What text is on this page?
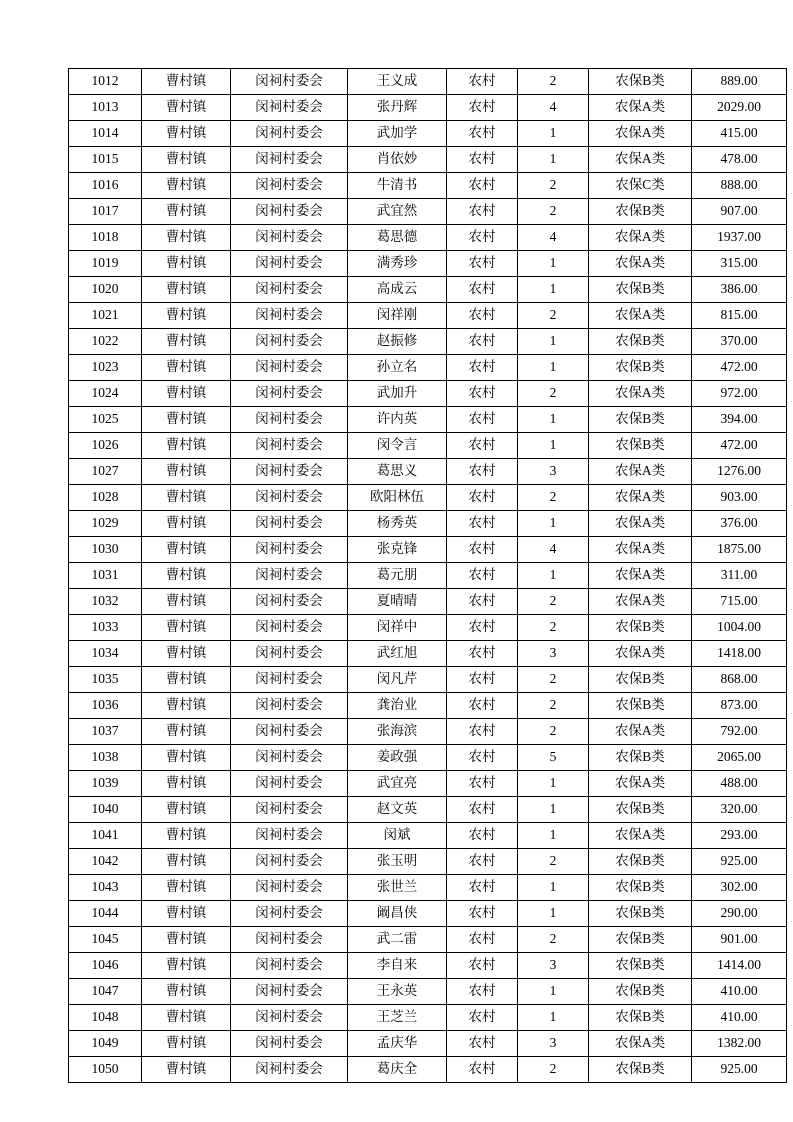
1012	曹村镇	闵祠村委会	王义成	农村	2	农保B类	889.00
1013	曹村镇	闵祠村委会	张丹辉	农村	4	农保A类	2029.00
1014	曹村镇	闵祠村委会	武加学	农村	1	农保A类	415.00
1015	曹村镇	闵祠村委会	肖依妙	农村	1	农保A类	478.00
1016	曹村镇	闵祠村委会	牛清书	农村	2	农保C类	888.00
1017	曹村镇	闵祠村委会	武宜然	农村	2	农保B类	907.00
1018	曹村镇	闵祠村委会	葛思德	农村	4	农保A类	1937.00
1019	曹村镇	闵祠村委会	满秀珍	农村	1	农保A类	315.00
1020	曹村镇	闵祠村委会	高成云	农村	1	农保B类	386.00
1021	曹村镇	闵祠村委会	闵祥刚	农村	2	农保A类	815.00
1022	曹村镇	闵祠村委会	赵振修	农村	1	农保B类	370.00
1023	曹村镇	闵祠村委会	孙立名	农村	1	农保B类	472.00
1024	曹村镇	闵祠村委会	武加升	农村	2	农保A类	972.00
1025	曹村镇	闵祠村委会	许内英	农村	1	农保B类	394.00
1026	曹村镇	闵祠村委会	闵令言	农村	1	农保B类	472.00
1027	曹村镇	闵祠村委会	葛思义	农村	3	农保A类	1276.00
1028	曹村镇	闵祠村委会	欧阳林伍	农村	2	农保A类	903.00
1029	曹村镇	闵祠村委会	杨秀英	农村	1	农保A类	376.00
1030	曹村镇	闵祠村委会	张克锋	农村	4	农保A类	1875.00
1031	曹村镇	闵祠村委会	葛元朋	农村	1	农保A类	311.00
1032	曹村镇	闵祠村委会	夏晴晴	农村	2	农保A类	715.00
1033	曹村镇	闵祠村委会	闵祥中	农村	2	农保B类	1004.00
1034	曹村镇	闵祠村委会	武红旭	农村	3	农保A类	1418.00
1035	曹村镇	闵祠村委会	闵凡芹	农村	2	农保B类	868.00
1036	曹村镇	闵祠村委会	龚治业	农村	2	农保B类	873.00
1037	曹村镇	闵祠村委会	张海滨	农村	2	农保A类	792.00
1038	曹村镇	闵祠村委会	姜政强	农村	5	农保B类	2065.00
1039	曹村镇	闵祠村委会	武宜亮	农村	1	农保A类	488.00
1040	曹村镇	闵祠村委会	赵文英	农村	1	农保B类	320.00
1041	曹村镇	闵祠村委会	闵斌	农村	1	农保A类	293.00
1042	曹村镇	闵祠村委会	张玉明	农村	2	农保B类	925.00
1043	曹村镇	闵祠村委会	张世兰	农村	1	农保B类	302.00
1044	曹村镇	闵祠村委会	阚昌侠	农村	1	农保B类	290.00
1045	曹村镇	闵祠村委会	武二雷	农村	2	农保B类	901.00
1046	曹村镇	闵祠村委会	李自来	农村	3	农保B类	1414.00
1047	曹村镇	闵祠村委会	王永英	农村	1	农保B类	410.00
1048	曹村镇	闵祠村委会	王芝兰	农村	1	农保B类	410.00
1049	曹村镇	闵祠村委会	孟庆华	农村	3	农保A类	1382.00
1050	曹村镇	闵祠村委会	葛庆全	农村	2	农保B类	925.00
